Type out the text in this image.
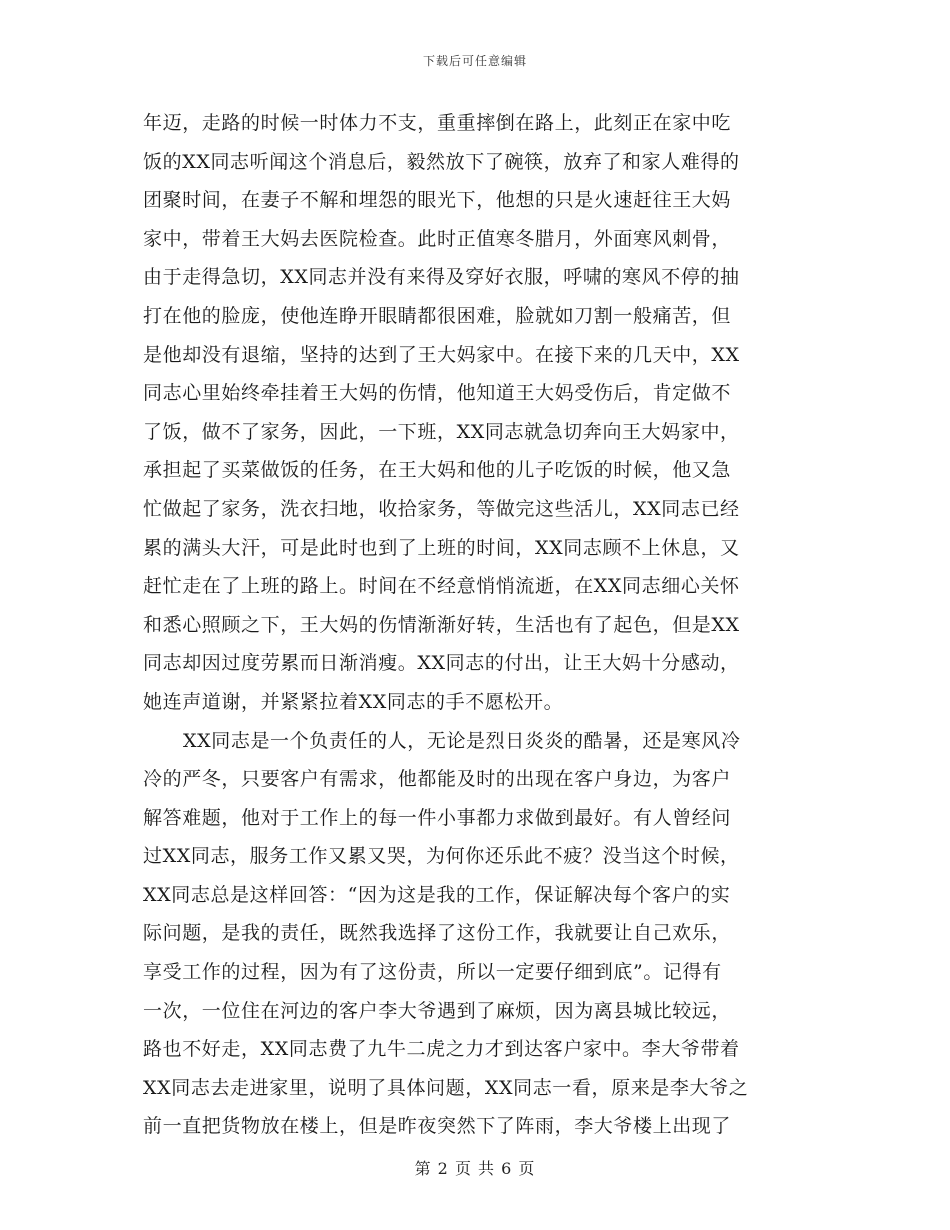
下载后可任意编辑
年迈，走路的时候一时体力不支，重重摔倒在路上，此刻正在家中吃
饭的XX同志听闻这个消息后，毅然放下了碗筷，放弃了和家人难得的
团聚时间，在妻子不解和埋怨的眼光下，他想的只是火速赶往王大妈
家中，带着王大妈去医院检查。此时正值寒冬腊月，外面寒风刺骨，
由于走得急切，XX同志并没有来得及穿好衣服，呼啸的寒风不停的抽
打在他的脸庞，使他连睁开眼睛都很困难，脸就如刀割一般痛苦，但
是他却没有退缩，坚持的达到了王大妈家中。在接下来的几天中，XX
同志心里始终牵挂着王大妈的伤情，他知道王大妈受伤后，肯定做不
了饭，做不了家务，因此，一下班，XX同志就急切奔向王大妈家中，
承担起了买菜做饭的任务，在王大妈和他的儿子吃饭的时候，他又急
忙做起了家务，洗衣扫地，收拾家务，等做完这些活儿，XX同志已经
累的满头大汗，可是此时也到了上班的时间，XX同志顾不上休息，又
赶忙走在了上班的路上。时间在不经意悄悄流逝，在XX同志细心关怀
和悉心照顾之下，王大妈的伤情渐渐好转，生活也有了起色，但是XX
同志却因过度劳累而日渐消瘦。XX同志的付出，让王大妈十分感动，
她连声道谢，并紧紧拉着XX同志的手不愿松开。
XX同志是一个负责任的人，无论是烈日炎炎的酷暑，还是寒风冷
冷的严冬，只要客户有需求，他都能及时的出现在客户身边，为客户
解答难题，他对于工作上的每一件小事都力求做到最好。有人曾经问
过XX同志，服务工作又累又哭，为何你还乐此不疲？没当这个时候，
XX同志总是这样回答：“因为这是我的工作，保证解决每个客户的实
际问题，是我的责任，既然我选择了这份工作，我就要让自己欢乐，
享受工作的过程，因为有了这份责，所以一定要仔细到底”。记得有
一次，一位住在河边的客户李大爷遇到了麻烦，因为离县城比较远，
路也不好走，XX同志费了九牛二虎之力才到达客户家中。李大爷带着
XX同志去走进家里，说明了具体问题，XX同志一看，原来是李大爷之
前一直把货物放在楼上，但是昨夜突然下了阵雨，李大爷楼上出现了
第 2 页 共 6 页
